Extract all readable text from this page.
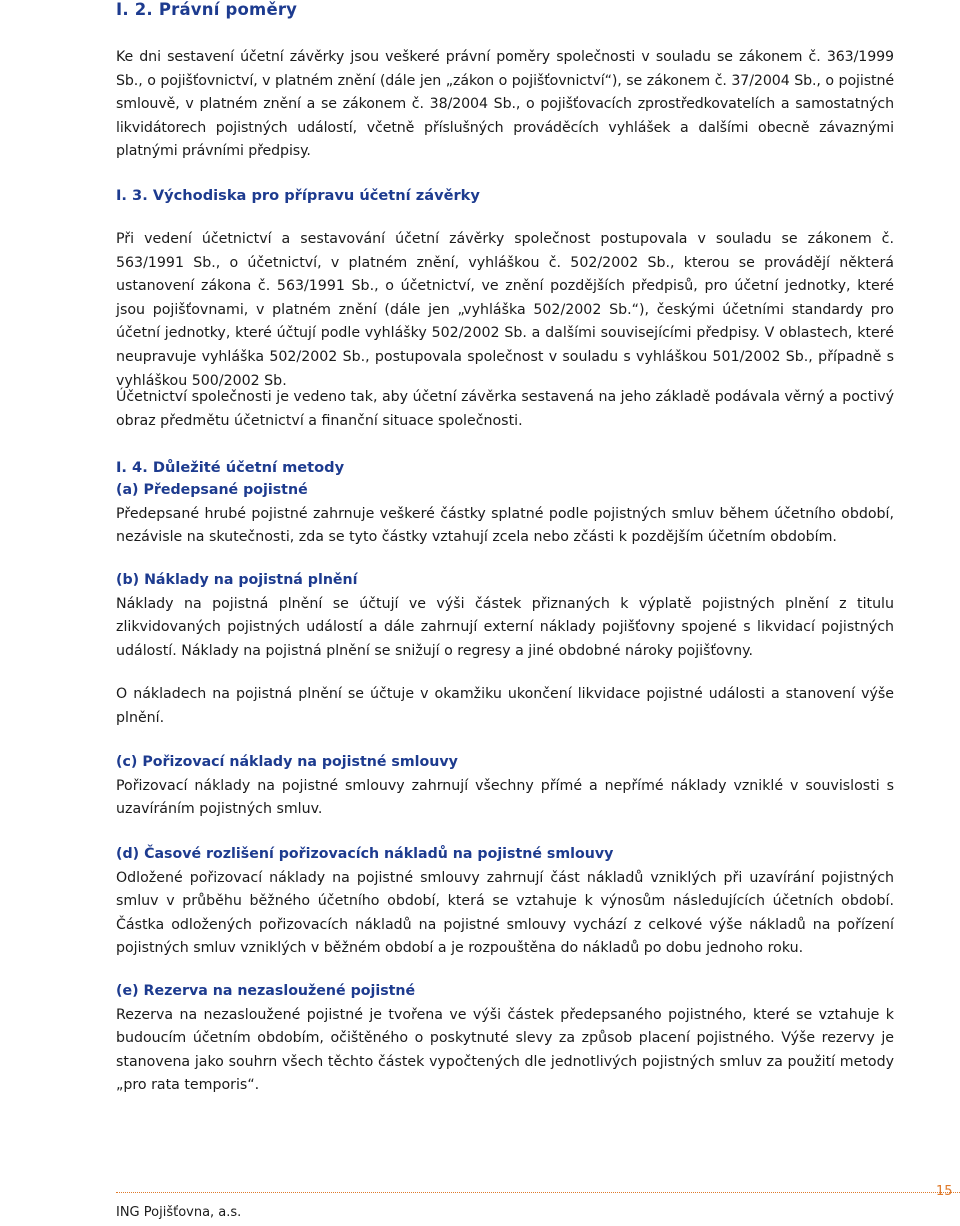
I. 2. Právní poměry

Ke dni sestavení účetní závěrky jsou veškeré právní poměry společnosti v souladu se zákonem č. 363/1999 Sb., o pojišťovnictví, v platném znění (dále jen „zákon o pojišťovnictví“), se zákonem č. 37/2004 Sb., o pojistné smlouvě, v platném znění a se zákonem č. 38/2004 Sb., o pojišťovacích zprostředkovatelích a samostatných likvidátorech pojistných událostí, včetně příslušných prováděcích vyhlášek a dalšími obecně závaznými platnými právními předpisy.

I. 3. Východiska pro přípravu účetní závěrky

Při vedení účetnictví a sestavování účetní závěrky společnost postupovala v souladu se zákonem č. 563/1991 Sb., o účetnictví, v platném znění, vyhláškou č. 502/2002 Sb., kterou se provádějí některá ustanovení zákona č. 563/1991 Sb., o účetnictví, ve znění pozdějších předpisů, pro účetní jednotky, které jsou pojišťovnami, v platném znění (dále jen „vyhláška 502/2002 Sb.“), českými účetními standardy pro účetní jednotky, které účtují podle vyhlášky 502/2002 Sb. a dalšími souvisejícími předpisy. V oblastech, které neupravuje vyhláška 502/2002 Sb., postupovala společnost v souladu s vyhláškou 501/2002 Sb., případně s vyhláškou 500/2002 Sb.

Účetnictví společnosti je vedeno tak, aby účetní závěrka sestavená na jeho základě podávala věrný a poctivý obraz předmětu účetnictví a finanční situace společnosti.

I. 4. Důležité účetní metody
(a) Předepsané pojistné
Předepsané hrubé pojistné zahrnuje veškeré částky splatné podle pojistných smluv během účetního období, nezávisle na skutečnosti, zda se tyto částky vztahují zcela nebo zčásti k pozdějším účetním obdobím.
(b) Náklady na pojistná plnění
Náklady na pojistná plnění se účtují ve výši částek přiznaných k výplatě pojistných plnění z titulu zlikvidovaných pojistných událostí a dále zahrnují externí náklady pojišťovny spojené s likvidací pojistných událostí. Náklady na pojistná plnění se snižují o regresy a jiné obdobné nároky pojišťovny.

O nákladech na pojistná plnění se účtuje v okamžiku ukončení likvidace pojistné události a stanovení výše plnění.

(c) Pořizovací náklady na pojistné smlouvy
Pořizovací náklady na pojistné smlouvy zahrnují všechny přímé a nepřímé náklady vzniklé v souvislosti s uzavíráním pojistných smluv.
(d) Časové rozlišení pořizovacích nákladů na pojistné smlouvy
Odložené pořizovací náklady na pojistné smlouvy zahrnují část nákladů vzniklých při uzavírání pojistných smluv v průběhu běžného účetního období, která se vztahuje k výnosům následujících účetních období. Částka odložených pořizovacích nákladů na pojistné smlouvy vychází z celkové výše nákladů na pořízení pojistných smluv vzniklých v běžném období a je rozpouštěna do nákladů po dobu jednoho roku.
(e) Rezerva na nezasloužené pojistné
Rezerva na nezasloužené pojistné je tvořena ve výši částek předepsaného pojistného, které se vztahuje k budoucím účetním obdobím, očištěného o poskytnuté slevy za způsob placení pojistného. Výše rezervy je stanovena jako souhrn všech těchto částek vypočtených dle jednotlivých pojistných smluv za použití metody „pro rata temporis“.
ING Pojišťovna, a.s.
15
